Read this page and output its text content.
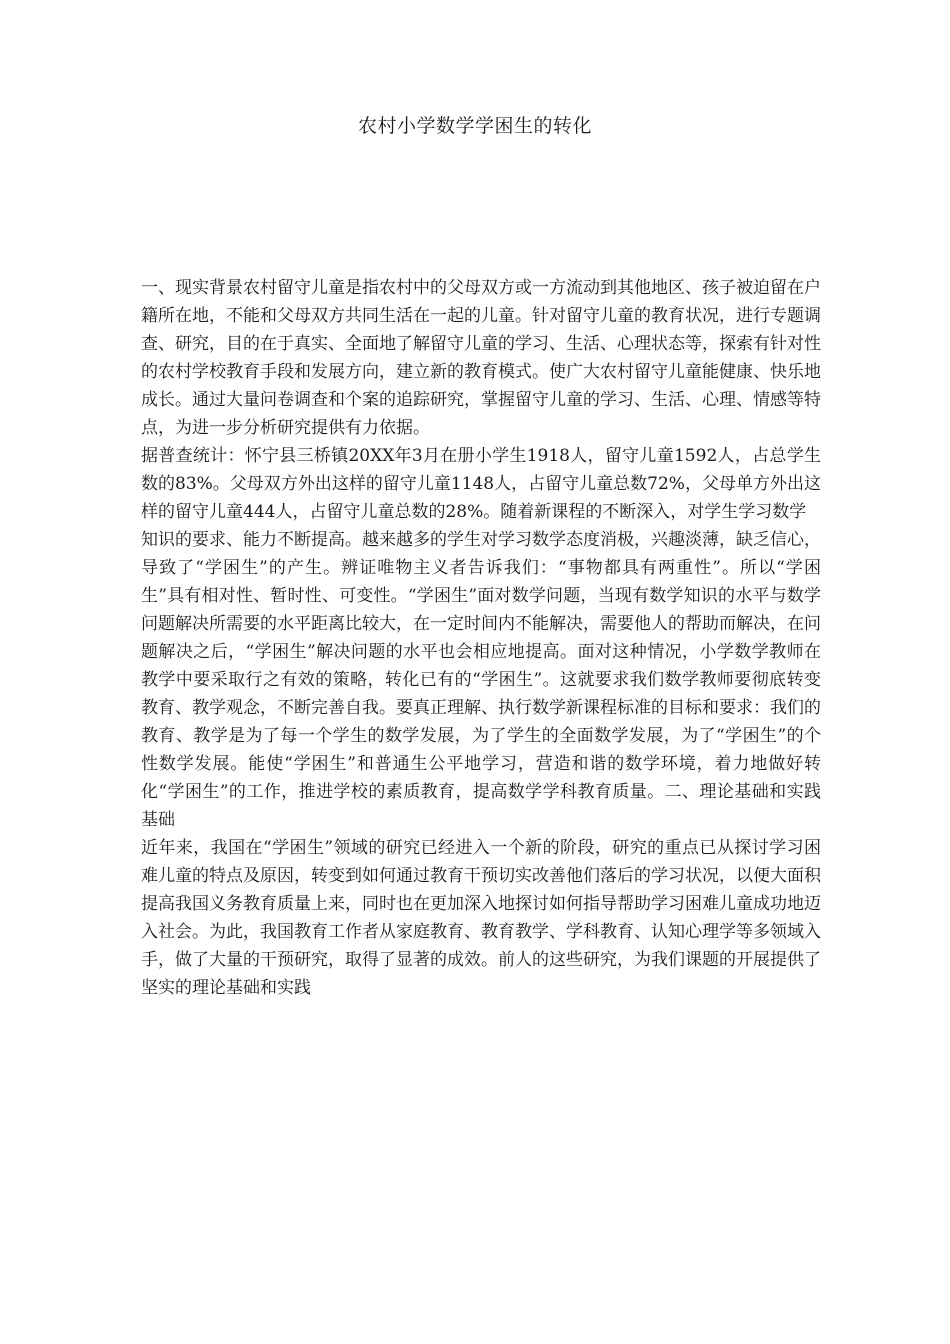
农村小学数学学困生的转化

一、现实背景农村留守儿童是指农村中的父母双方或一方流动到其他地区、孩子被迫留在户籍所在地，不能和父母双方共同生活在一起的儿童。针对留守儿童的教育状况，进行专题调查、研究，目的在于真实、全面地了解留守儿童的学习、生活、心理状态等，探索有针对性的农村学校教育手段和发展方向，建立新的教育模式。使广大农村留守儿童能健康、快乐地成长。通过大量问卷调查和个案的追踪研究，掌握留守儿童的学习、生活、心理、情感等特点，为进一步分析研究提供有力依据。

据普查统计：怀宁县三桥镇20XX年3月在册小学生1918人，留守儿童1592人，占总学生数的83%。父母双方外出这样的留守儿童1148人，占留守儿童总数72%，父母单方外出这样的留守儿童444人，占留守儿童总数的28%。随着新课程的不断深入，对学生学习数学

知识的要求、能力不断提高。越来越多的学生对学习数学态度消极，兴趣淡薄，缺乏信心，导致了“学困生”的产生。辨证唯物主义者告诉我们：“事物都具有两重性”。所以“学困生”具有相对性、暂时性、可变性。“学困生”面对数学问题，当现有数学知识的水平与数学问题解决所需要的水平距离比较大，在一定时间内不能解决，需要他人的帮助而解决，在问题解决之后，“学困生”解决问题的水平也会相应地提高。面对这种情况，小学数学教师在教学中要采取行之有效的策略，转化已有的“学困生”。这就要求我们数学教师要彻底转变教育、教学观念，不断完善自我。要真正理解、执行数学新课程标准的目标和要求：我们的教育、教学是为了每一个学生的数学发展，为了学生的全面数学发展，为了“学困生”的个性数学发展。能使“学困生”和普通生公平地学习，营造和谐的数学环境，着力地做好转化“学困生”的工作，推进学校的素质教育，提高数学学科教育质量。二、理论基础和实践基础

近年来，我国在“学困生”领域的研究已经进入一个新的阶段，研究的重点已从探讨学习困难儿童的特点及原因，转变到如何通过教育干预切实改善他们落后的学习状况，以便大面积提高我国义务教育质量上来，同时也在更加深入地探讨如何指导帮助学习困难儿童成功地迈入社会。为此，我国教育工作者从家庭教育、教育教学、学科教育、认知心理学等多领域入手，做了大量的干预研究，取得了显著的成效。前人的这些研究，为我们课题的开展提供了坚实的理论基础和实践
